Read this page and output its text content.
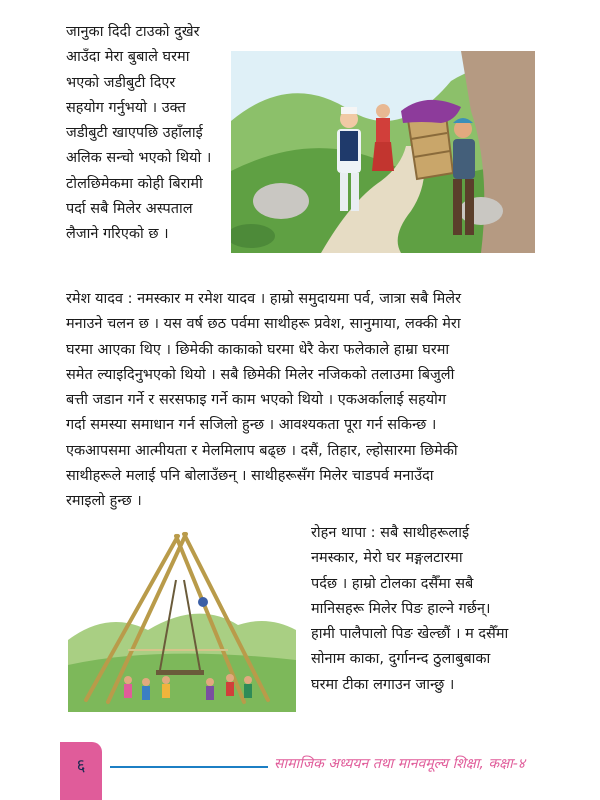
जानुका दिदी टाउको दुखेर
आउँदा मेरा बुबाले घरमा
भएको जडीबुटी दिएर
सहयोग गर्नुभयो । उक्त
जडीबुटी खाएपछि उहाँलाई
अलिक सन्चो भएको थियो ।
टोलछिमेकमा कोही बिरामी
पर्दा सबै मिलेर अस्पताल
लैजाने गरिएको छ ।
रमेश यादव : नमस्कार म रमेश यादव । हाम्रो समुदायमा पर्व, जात्रा सबै मिलेर
मनाउने चलन छ । यस वर्ष छठ पर्वमा साथीहरू प्रवेश, सानुमाया, लक्की मेरा
घरमा आएका थिए । छिमेकी काकाको घरमा धेरै केरा फलेकाले हाम्रा घरमा
समेत ल्याइदिनुभएको थियो । सबै छिमेकी मिलेर नजिकको तलाउमा बिजुली
बत्ती जडान गर्ने र सरसफाइ गर्ने काम भएको थियो । एकअर्कालाई सहयोग
गर्दा समस्या समाधान गर्न सजिलो हुन्छ । आवश्यकता पूरा गर्न सकिन्छ ।
एकआपसमा आत्मीयता र मेलमिलाप बढ्छ । दसैं, तिहार, ल्होसारमा छिमेकी
साथीहरूले मलाई पनि बोलाउँछन् । साथीहरूसँग मिलेर चाडपर्व मनाउँदा
रमाइलो हुन्छ ।
रोहन थापा : सबै साथीहरूलाई
नमस्कार, मेरो घर मङ्गलटारमा
पर्दछ । हाम्रो टोलका दसैँमा सबै
मानिसहरू मिलेर पिङ हाल्ने गर्छन्।
हामी पालैपालो पिङ खेल्छौं । म दसैँमा
सोनाम काका, दुर्गानन्द ठुलाबुबाका
घरमा टीका लगाउन जान्छु ।
६	सामाजिक अध्ययन तथा मानवमूल्य शिक्षा, कक्षा-४
